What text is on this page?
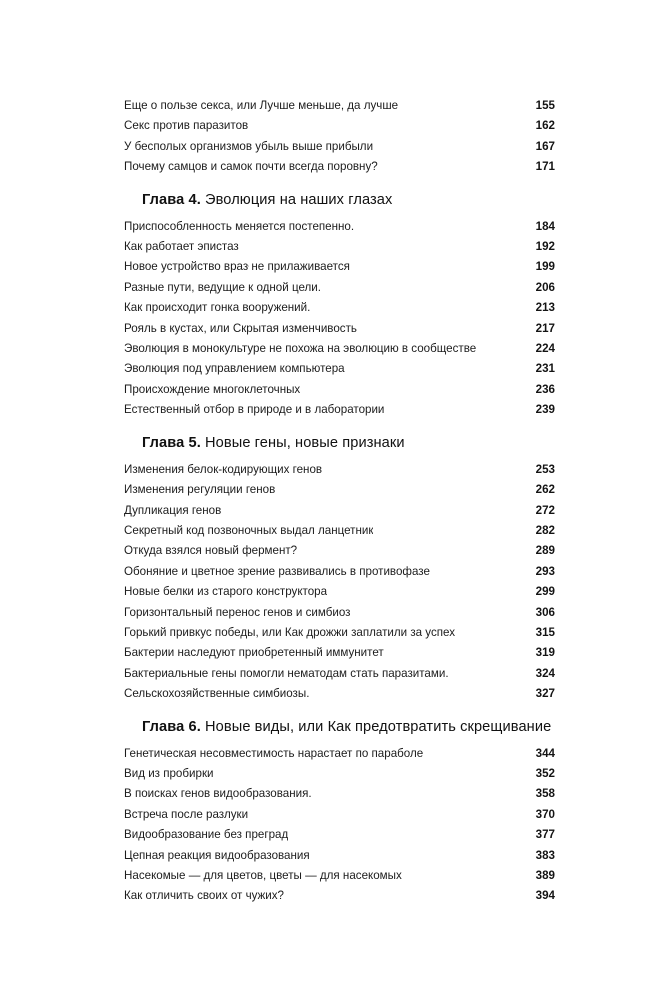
Еще о пользе секса, или Лучше меньше, да лучше . . .	155
Секс против паразитов . . .	162
У бесполых организмов убыль выше прибыли . . .	167
Почему самцов и самок почти всегда поровну? . . .	171
Глава 4. Эволюция на наших глазах
Приспособленность меняется постепенно. . . .	184
Как работает эпистаз . . .	192
Новое устройство вразּ не прилаживается . . .	199
Разные пути, ведущие к одной цели. . . .	206
Как происходит гонка вооружений. . . .	213
Рояль в кустах, или Скрытая изменчивость . . .	217
Эволюция в монокультуре не похожа на эволюцию в сообществе . . .	224
Эволюция под управлением компьютера . . .	231
Происхождение многоклеточных . . .	236
Естественный отбор в природе и в лаборатории . . .	239
Глава 5. Новые гены, новые признаки
Изменения белок-кодирующих генов . . .	253
Изменения регуляции генов . . .	262
Дупликация генов . . .	272
Секретный код позвоночных выдал ланцетник . . .	282
Откуда взялся новый фермент? . . .	289
Обоняние и цветное зрение развивались в противофазе . . .	293
Новые белки из старого конструктора . . .	299
Горизонтальный перенос генов и симбиоз . . .	306
Горький привкус победы, или Как дрожжи заплатили за успех . . .	315
Бактерии наследуют приобретенный иммунитет . . .	319
Бактериальные гены помогли нематодам стать паразитами. . . .	324
Сельскохозяйственные симбиозы. . . .	327
Глава 6. Новые виды, или Как предотвратить скрещивание
Генетическая несовместимость нарастает по параболе . . .	344
Вид из пробирки . . .	352
В поисках генов видообразования. . . .	358
Встреча после разлуки . . .	370
Видообразование без преград . . .	377
Цепная реакция видообразования . . .	383
Насекомые — для цветов, цветы — для насекомых . . .	389
Как отличить своих от чужих? . . .	394
